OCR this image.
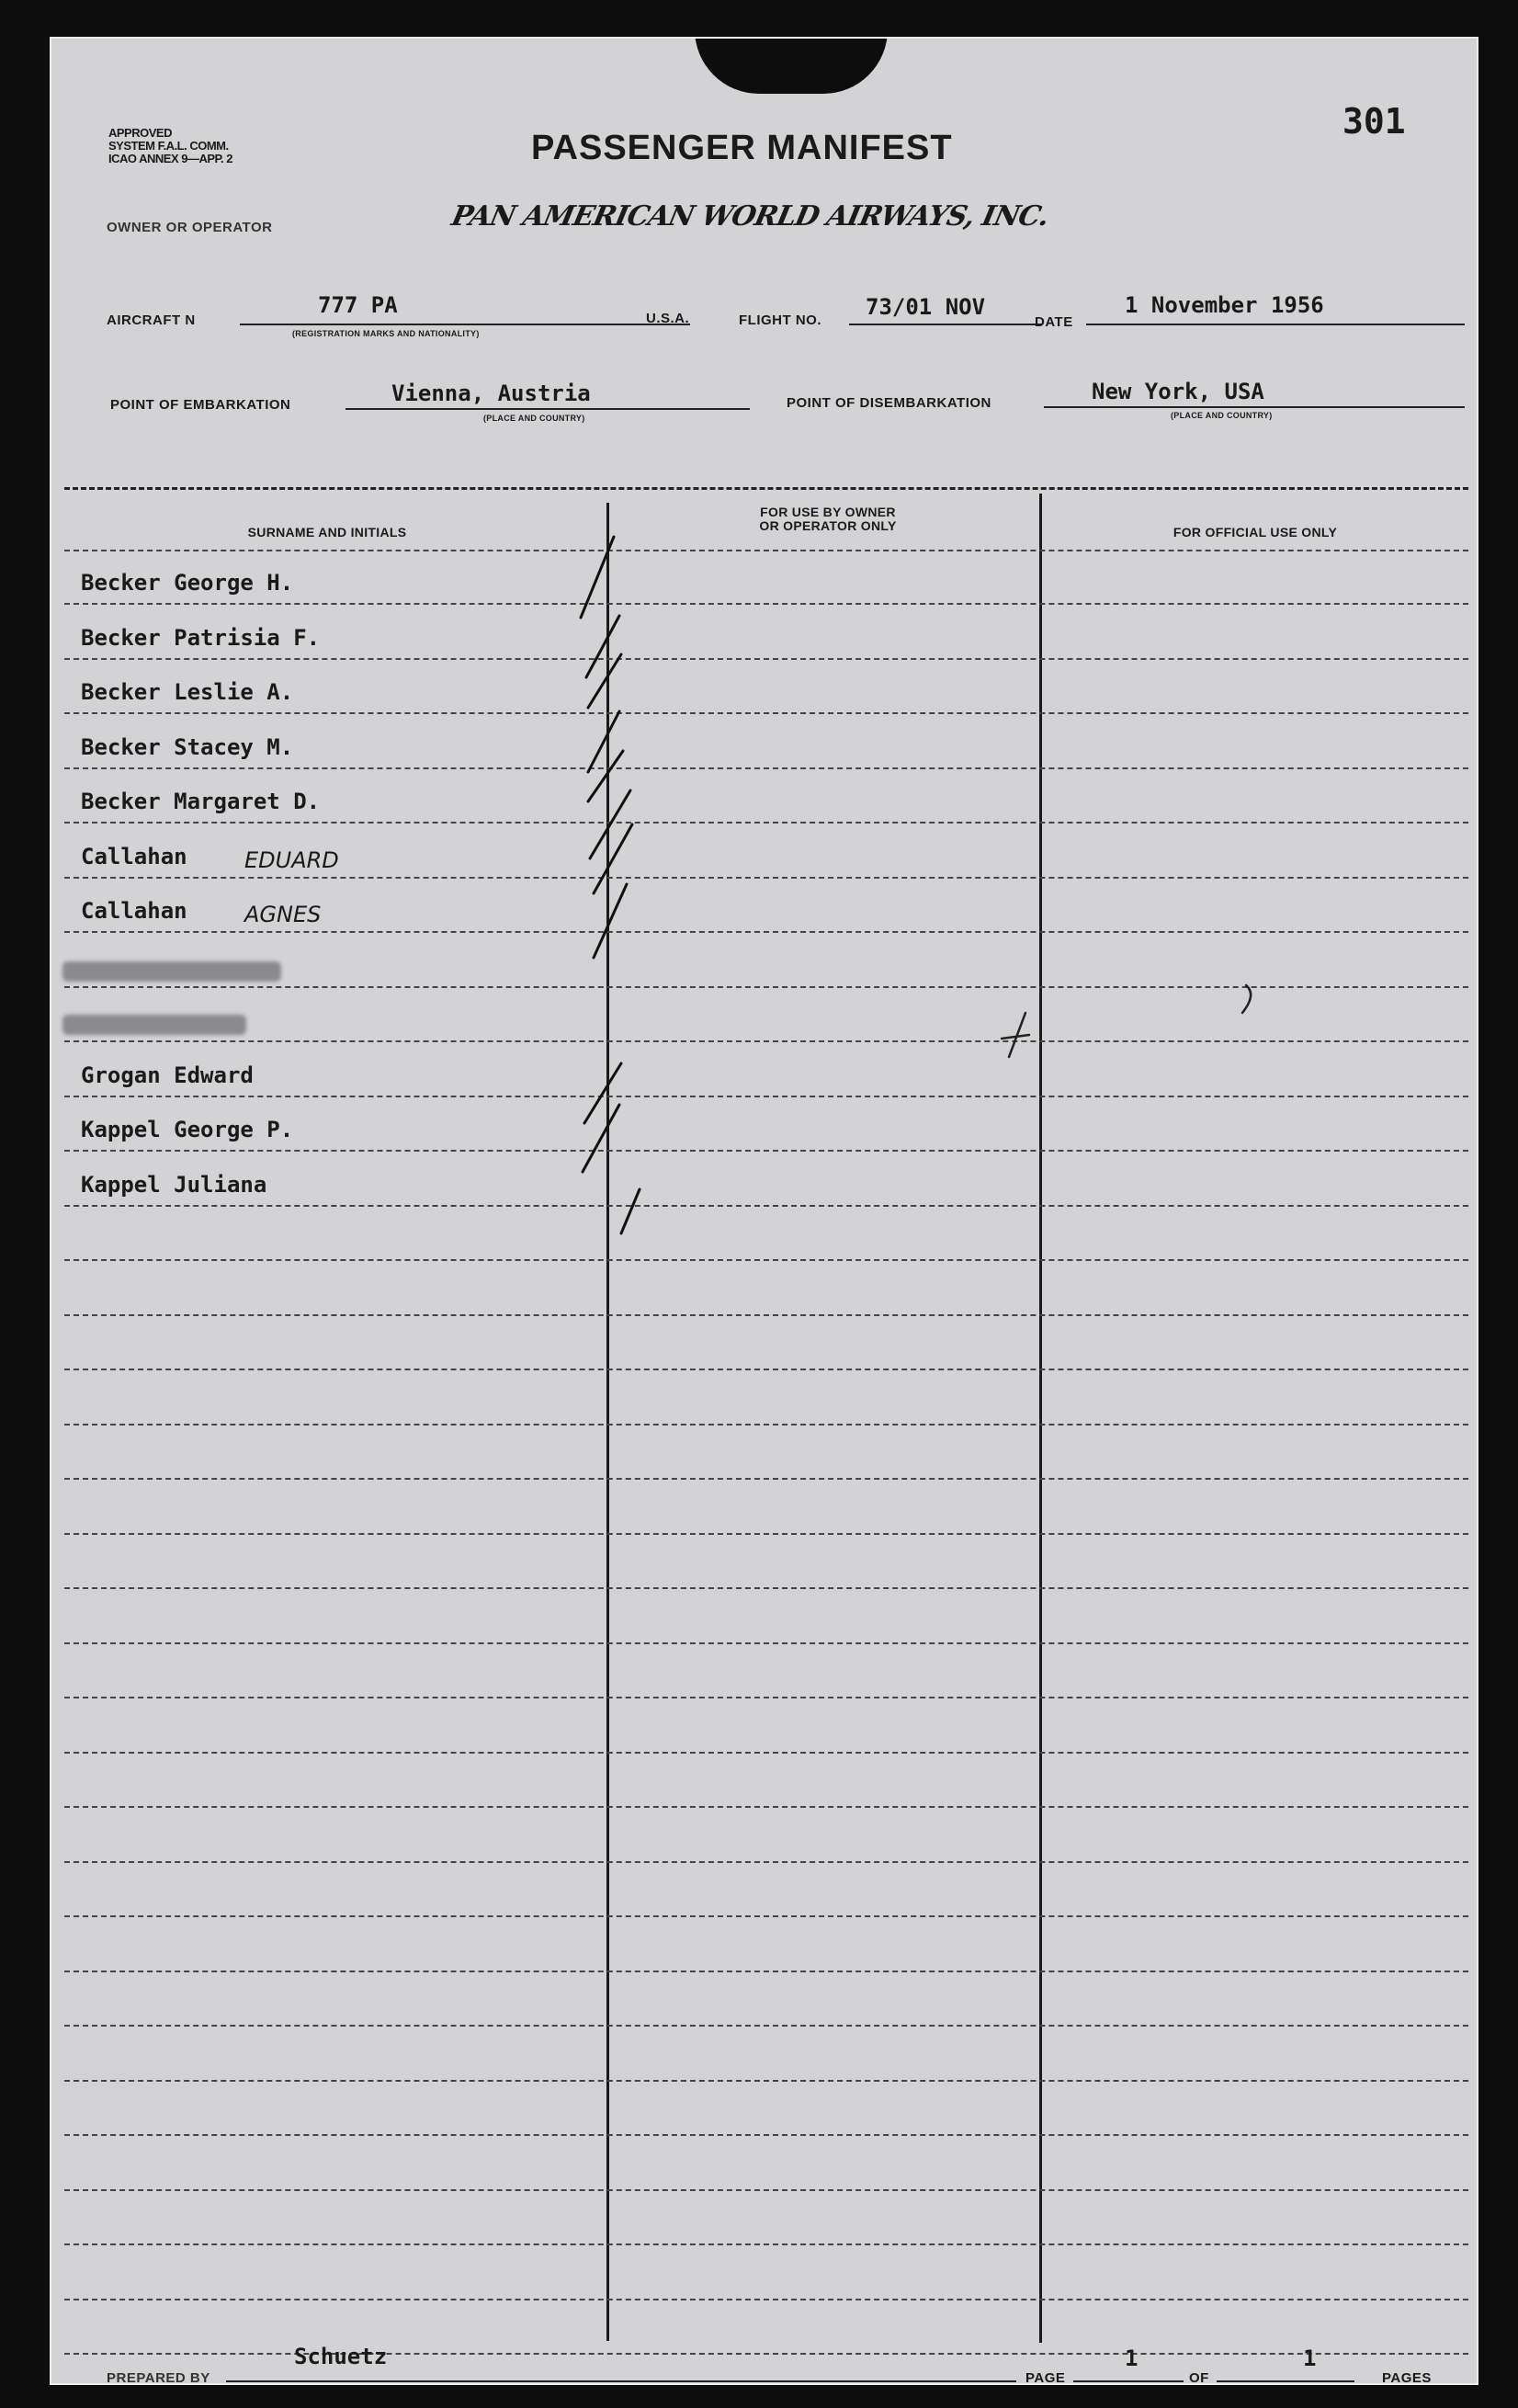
APPROVED
SYSTEM F.A.L. COMM.
ICAO ANNEX 9—APP. 2	PASSENGER MANIFEST
301
OWNER OR OPERATOR	PAN AMERICAN WORLD AIRWAYS, INC.
AIRCRAFT N
777 PA
(REGISTRATION MARKS AND NATIONALITY)
U.S.A.	FLIGHT NO.
73/01 NOV
DATE
1 November 1956
POINT OF EMBARKATION	Vienna, Austria
(PLACE AND COUNTRY)
POINT OF DISEMBARKATION	New York, USA
(PLACE AND COUNTRY)
SURNAME AND INITIALS
FOR USE BY OWNER
OR OPERATOR ONLY	FOR OFFICIAL USE ONLY
Becker George H.
Becker Patrisia F.
Becker Leslie A.
Becker Stacey M.
Becker Margaret D.
Callahan	EDUARD
Callahan	AGNES
Grogan Edward
Kappel George P.
Kappel Juliana
PREPARED BY
Schuetz
PAGE
1
OF
1
PAGES
